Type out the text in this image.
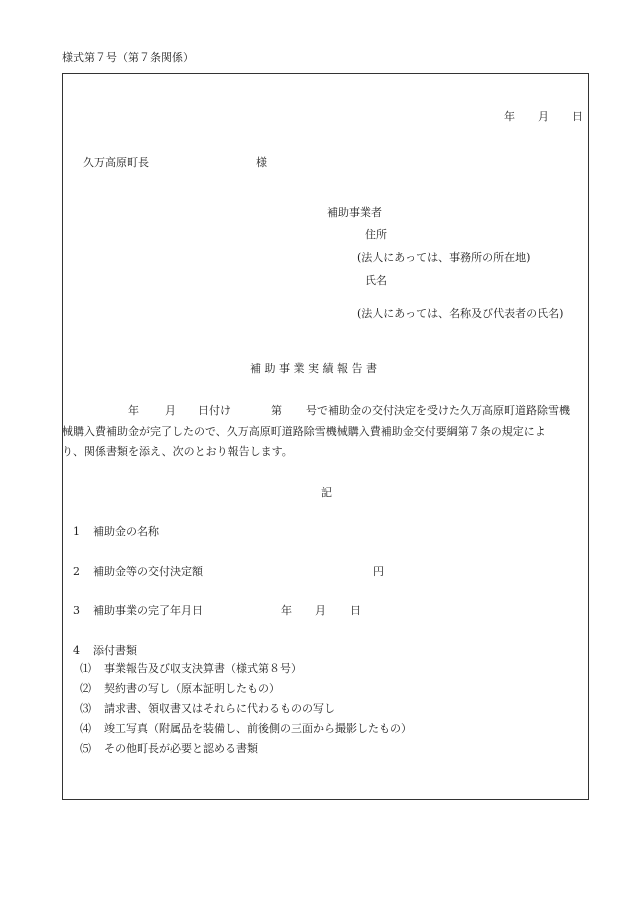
様式第７号（第７条関係）
年 月 日
久万高原町長	様
補助事業者
住所
(法人にあっては、事務所の所在地)
氏名
(法人にあっては、名称及び代表者の氏名)
補 助 事 業 実 績 報 告 書
年 月 日付け	第 号で補助金の交付決定を受けた久万高原町道路除雪機
械購入費補助金が完了したので、久万高原町道路除雪機械購入費補助金交付要綱第７条の規定によ
り、関係書類を添え、次のとおり報告します。
記
1 補助金の名称
2 補助金等の交付決定額	円
3 補助事業の完了年月日	年 月 日
4 添付書類
⑴ 事業報告及び収支決算書（様式第８号）
⑵ 契約書の写し（原本証明したもの）
⑶ 請求書、領収書又はそれらに代わるものの写し
⑷ 竣工写真（附属品を装備し、前後側の三面から撮影したもの）
⑸ その他町長が必要と認める書類
